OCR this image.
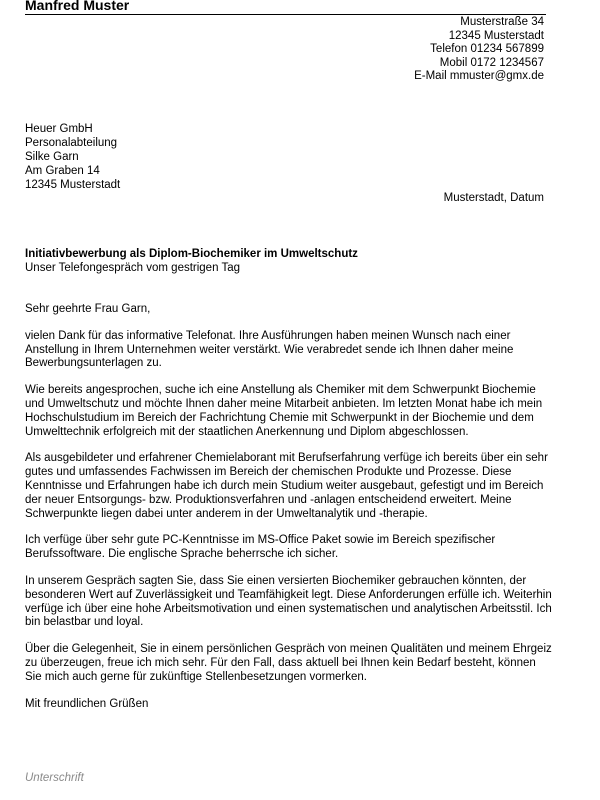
Manfred Muster
Musterstraße 34
12345 Musterstadt
Telefon 01234 567899
Mobil 0172 1234567
E-Mail mmuster@gmx.de
Heuer GmbH
Personalabteilung
Silke Garn
Am Graben 14
12345 Musterstadt
Musterstadt, Datum
Initiativbewerbung als Diplom-Biochemiker im Umweltschutz
Unser Telefongespräch vom gestrigen Tag

Sehr geehrte Frau Garn,

vielen Dank für das informative Telefonat. Ihre Ausführungen haben meinen Wunsch nach einer Anstellung in Ihrem Unternehmen weiter verstärkt. Wie verabredet sende ich Ihnen daher meine Bewerbungsunterlagen zu.

Wie bereits angesprochen, suche ich eine Anstellung als Chemiker mit dem Schwerpunkt Biochemie und Umweltschutz und möchte Ihnen daher meine Mitarbeit anbieten. Im letzten Monat habe ich mein Hochschulstudium im Bereich der Fachrichtung Chemie mit Schwerpunkt in der Biochemie und dem Umwelttechnik erfolgreich mit der staatlichen Anerkennung und Diplom abgeschlossen.

Als ausgebildeter und erfahrener Chemielaborant mit Berufserfahrung verfüge ich bereits über ein sehr gutes und umfassendes Fachwissen im Bereich der chemischen Produkte und Prozesse. Diese Kenntnisse und Erfahrungen habe ich durch mein Studium weiter ausgebaut, gefestigt und im Bereich der neuer Entsorgungs- bzw. Produktionsverfahren und -anlagen entscheidend erweitert. Meine Schwerpunkte liegen dabei unter anderem in der Umweltanalytik und -therapie.

Ich verfüge über sehr gute PC-Kenntnisse im MS-Office Paket sowie im Bereich spezifischer Berufssoftware. Die englische Sprache beherrsche ich sicher.

In unserem Gespräch sagten Sie, dass Sie einen versierten Biochemiker gebrauchen könnten, der besonderen Wert auf Zuverlässigkeit und Teamfähigkeit legt. Diese Anforderungen erfülle ich. Weiterhin verfüge ich über eine hohe Arbeitsmotivation und einen systematischen und analytischen Arbeitsstil. Ich bin belastbar und loyal.

Über die Gelegenheit, Sie in einem persönlichen Gespräch von meinen Qualitäten und meinem Ehrgeiz zu überzeugen, freue ich mich sehr. Für den Fall, dass aktuell bei Ihnen kein Bedarf besteht, können Sie mich auch gerne für zukünftige Stellenbesetzungen vormerken.

Mit freundlichen Grüßen

Unterschrift
